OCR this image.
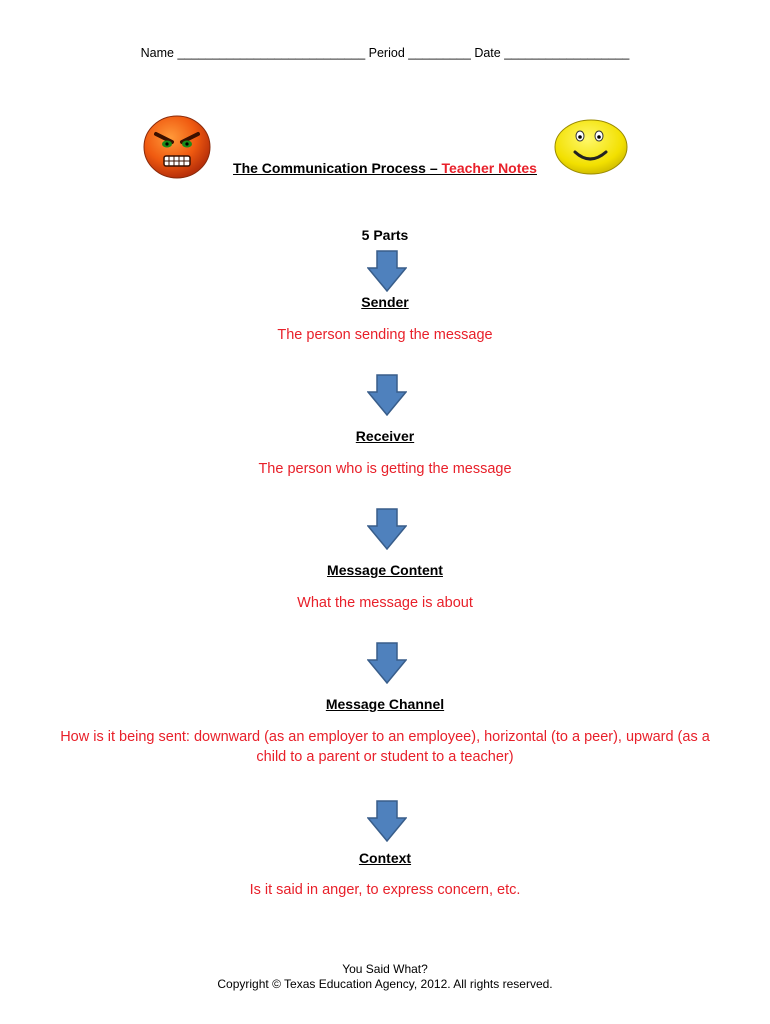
Name ___________________________ Period _________ Date __________________
The Communication Process – Teacher Notes
5 Parts
Sender
The person sending the message
Receiver
The person who is getting the message
Message Content
What the message is about
Message Channel
How is it being sent: downward (as an employer to an employee), horizontal (to a peer), upward (as a child to a parent or student to a teacher)
Context
Is it said in anger, to express concern, etc.
You Said What?
Copyright © Texas Education Agency, 2012. All rights reserved.
